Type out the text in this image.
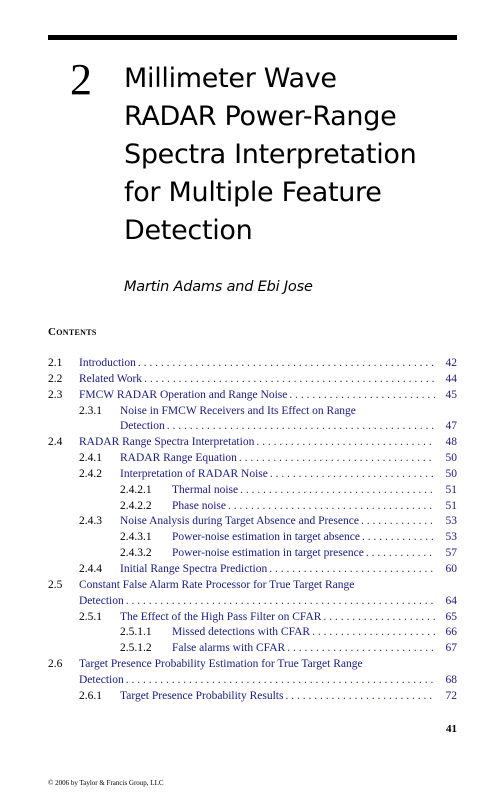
2 Millimeter Wave
RADAR Power-Range
Spectra Interpretation
for Multiple Feature
Detection
Martin Adams and Ebi Jose
Contents
2.1 Introduction . . .	42
2.2 Related Work . . .	44
2.3 FMCW RADAR Operation and Range Noise . . .	45
2.3.1 Noise in FMCW Receivers and Its Effect on Range
Detection . . .	47
2.4 RADAR Range Spectra Interpretation . . .	48
2.4.1 RADAR Range Equation . . .	50
2.4.2 Interpretation of RADAR Noise . . .	50
2.4.2.1 Thermal noise . . .	51
2.4.2.2 Phase noise . . .	51
2.4.3 Noise Analysis during Target Absence and Presence . . .	53
2.4.3.1 Power-noise estimation in target absence . . .	53
2.4.3.2 Power-noise estimation in target presence . . .	57
2.4.4 Initial Range Spectra Prediction . . .	60
2.5 Constant False Alarm Rate Processor for True Target Range
Detection . . .	64
2.5.1 The Effect of the High Pass Filter on CFAR . . .	65
2.5.1.1 Missed detections with CFAR . . .	66
2.5.1.2 False alarms with CFAR . . .	67
2.6 Target Presence Probability Estimation for True Target Range
Detection . . .	68
2.6.1 Target Presence Probability Results . . .	72
41
© 2006 by Taylor & Francis Group, LLC
